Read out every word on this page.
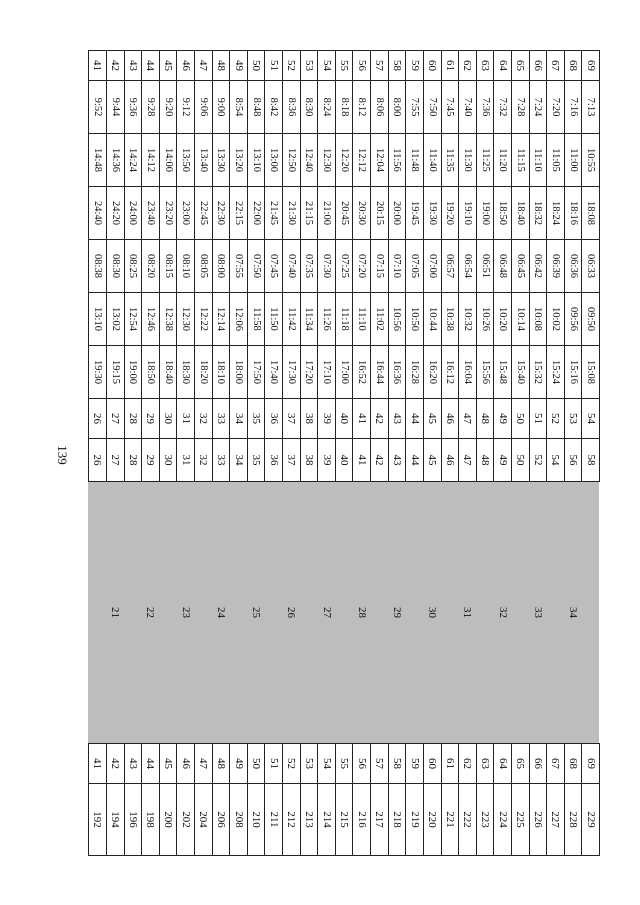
139
69	7:13	10:55	18:08	06:33	09:50	15:08	54	58		69	229
68	7:16	11:00	18:16	06:36	09:56	15:16	53	56	34	68	228
67	7:20	11:05	18:24	06:39	10:02	15:24	52	54		67	227
66	7:24	11:10	18:32	06:42	10:08	15:32	51	52	33	66	226
65	7:28	11:15	18:40	06:45	10:14	15:40	50	50		65	225
64	7:32	11:20	18:50	06:48	10:20	15:48	49	49	32	64	224
63	7:36	11:25	19:00	06:51	10:26	15:56	48	48		63	223
62	7:40	11:30	19:10	06:54	10:32	16:04	47	47	31	62	222
61	7:45	11:35	19:20	06:57	10:38	16:12	46	46		61	221
60	7:50	11:40	19:30	07:00	10:44	16:20	45	45	30	60	220
59	7:55	11:48	19:45	07:05	10:50	16:28	44	44		59	219
58	8:00	11:56	20:00	07:10	10:56	16:36	43	43	29	58	218
57	8:06	12:04	20:15	07:15	11:02	16:44	42	42		57	217
56	8:12	12:12	20:30	07:20	11:10	16:52	41	41	28	56	216
55	8:18	12:20	20:45	07:25	11:18	17:00	40	40		55	215
54	8:24	12:30	21:00	07:30	11:26	17:10	39	39	27	54	214
53	8:30	12:40	21:15	07:35	11:34	17:20	38	38		53	213
52	8:36	12:50	21:30	07:40	11:42	17:30	37	37	26	52	212
51	8:42	13:00	21:45	07:45	11:50	17:40	36	36		51	211
50	8:48	13:10	22:00	07:50	11:58	17:50	35	35	25	50	210
49	8:54	13:20	22:15	07:55	12:06	18:00	34	34		49	208
48	9:00	13:30	22:30	08:00	12:14	18:10	33	33	24	48	206
47	9:06	13:40	22:45	08:05	12:22	18:20	32	32		47	204
46	9:12	13:50	23:00	08:10	12:30	18:30	31	31	23	46	202
45	9:20	14:00	23:20	08:15	12:38	18:40	30	30		45	200
44	9:28	14:12	23:40	08:20	12:46	18:50	29	29	22	44	198
43	9:36	14:24	24:00	08:25	12:54	19:00	28	28		43	196
42	9:44	14:36	24:20	08:30	13:02	19:15	27	27	21	42	194
41	9:52	14:48	24:40	08:38	13:10	19:30	26	26		41	192
